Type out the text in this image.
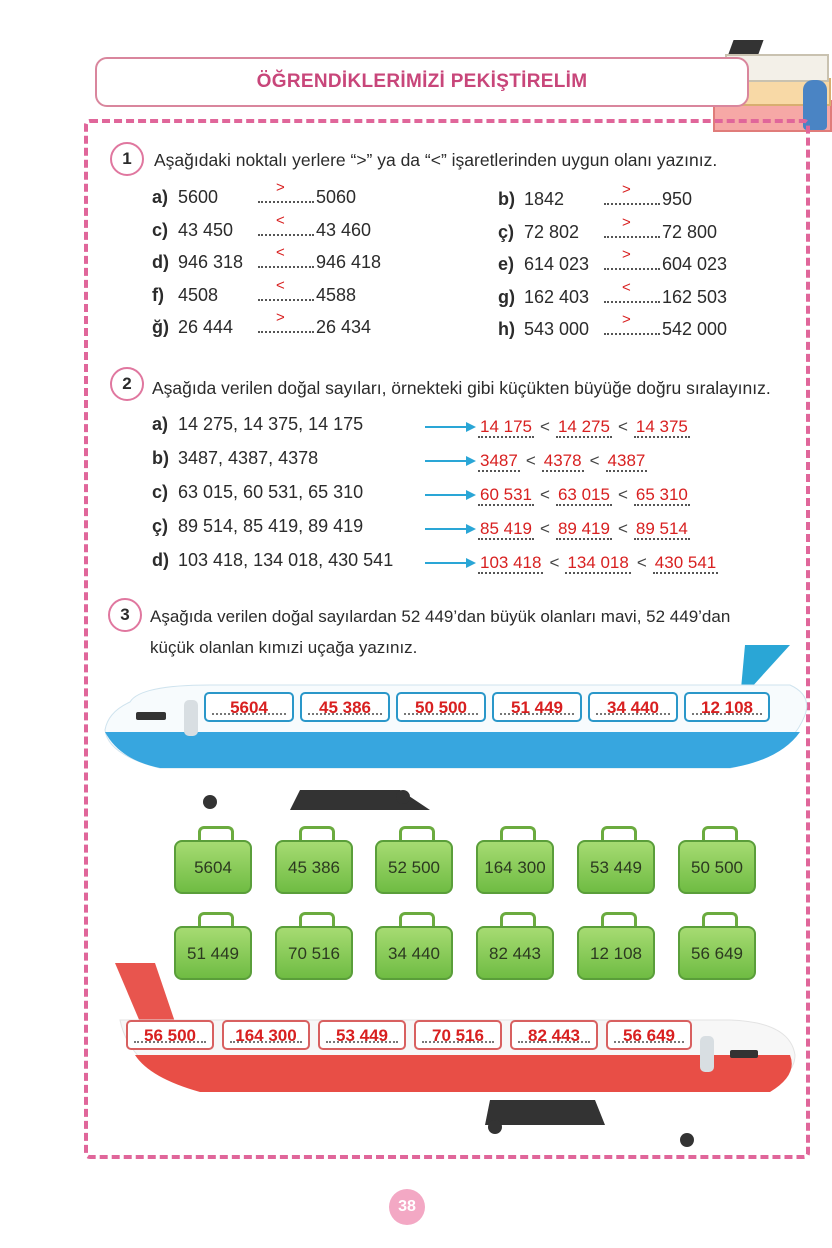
ÖĞRENDİKLERİMİZİ PEKİŞTİRELİM
1	Aşağıdaki noktalı yerlere “>” ya da “<” işaretlerinden uygun olanı yazınız.
a) 5600	> 5060
c) 43 450	< 43 460
d) 946 318 < 946 418
f) 4508	< 4588
ğ) 26 444	> 26 434
b) 1842	> 950
ç) 72 802	> 72 800
e) 614 023 > 604 023
g) 162 403 < 162 503
h) 543 000 > 542 000
2	Aşağıda verilen doğal sayıları, örnekteki gibi küçükten büyüğe doğru sıralayınız.
a) 14 275, 14 375, 14 175	14 175 < 14 275 < 14 375
b) 3487, 4387, 4378	3487 < 4378 < 4387
c) 63 015, 60 531, 65 310	60 531 < 63 015 < 65 310
ç) 89 514, 85 419, 89 419	85 419 < 89 419 < 89 514
d) 103 418, 134 018, 430 541	103 418 < 134 018 < 430 541
3	Aşağıda verilen doğal sayılardan 52 449’dan büyük olanları mavi, 52 449’dan
küçük olanlan kımızi uçağa yazınız.
5604	45 386	50 500	51 449	34 440	12 108
5604	45 386	52 500	164 300	53 449	50 500
51 449	70 516	34 440	82 443	12 108	56 649
56 500	164 300	53 449	70 516	82 443	56 649
38
